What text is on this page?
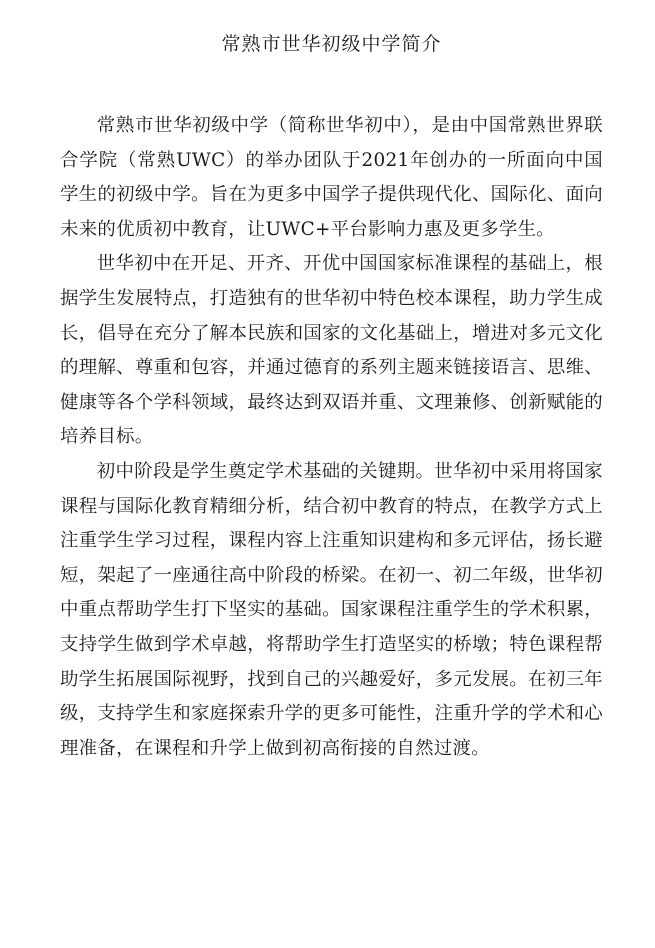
常熟市世华初级中学简介

常熟市世华初级中学（简称世华初中），是由中国常熟世界联合学院（常熟UWC）的举办团队于2021年创办的一所面向中国学生的初级中学。旨在为更多中国学子提供现代化、国际化、面向未来的优质初中教育，让UWC+平台影响力惠及更多学生。

世华初中在开足、开齐、开优中国国家标准课程的基础上，根据学生发展特点，打造独有的世华初中特色校本课程，助力学生成长，倡导在充分了解本民族和国家的文化基础上，增进对多元文化的理解、尊重和包容，并通过德育的系列主题来链接语言、思维、健康等各个学科领域，最终达到双语并重、文理兼修、创新赋能的培养目标。

初中阶段是学生奠定学术基础的关键期。世华初中采用将国家课程与国际化教育精细分析，结合初中教育的特点，在教学方式上注重学生学习过程，课程内容上注重知识建构和多元评估，扬长避短，架起了一座通往高中阶段的桥梁。在初一、初二年级，世华初中重点帮助学生打下坚实的基础。国家课程注重学生的学术积累，支持学生做到学术卓越，将帮助学生打造坚实的桥墩；特色课程帮助学生拓展国际视野，找到自己的兴趣爱好，多元发展。在初三年级，支持学生和家庭探索升学的更多可能性，注重升学的学术和心理准备，在课程和升学上做到初高衔接的自然过渡。
